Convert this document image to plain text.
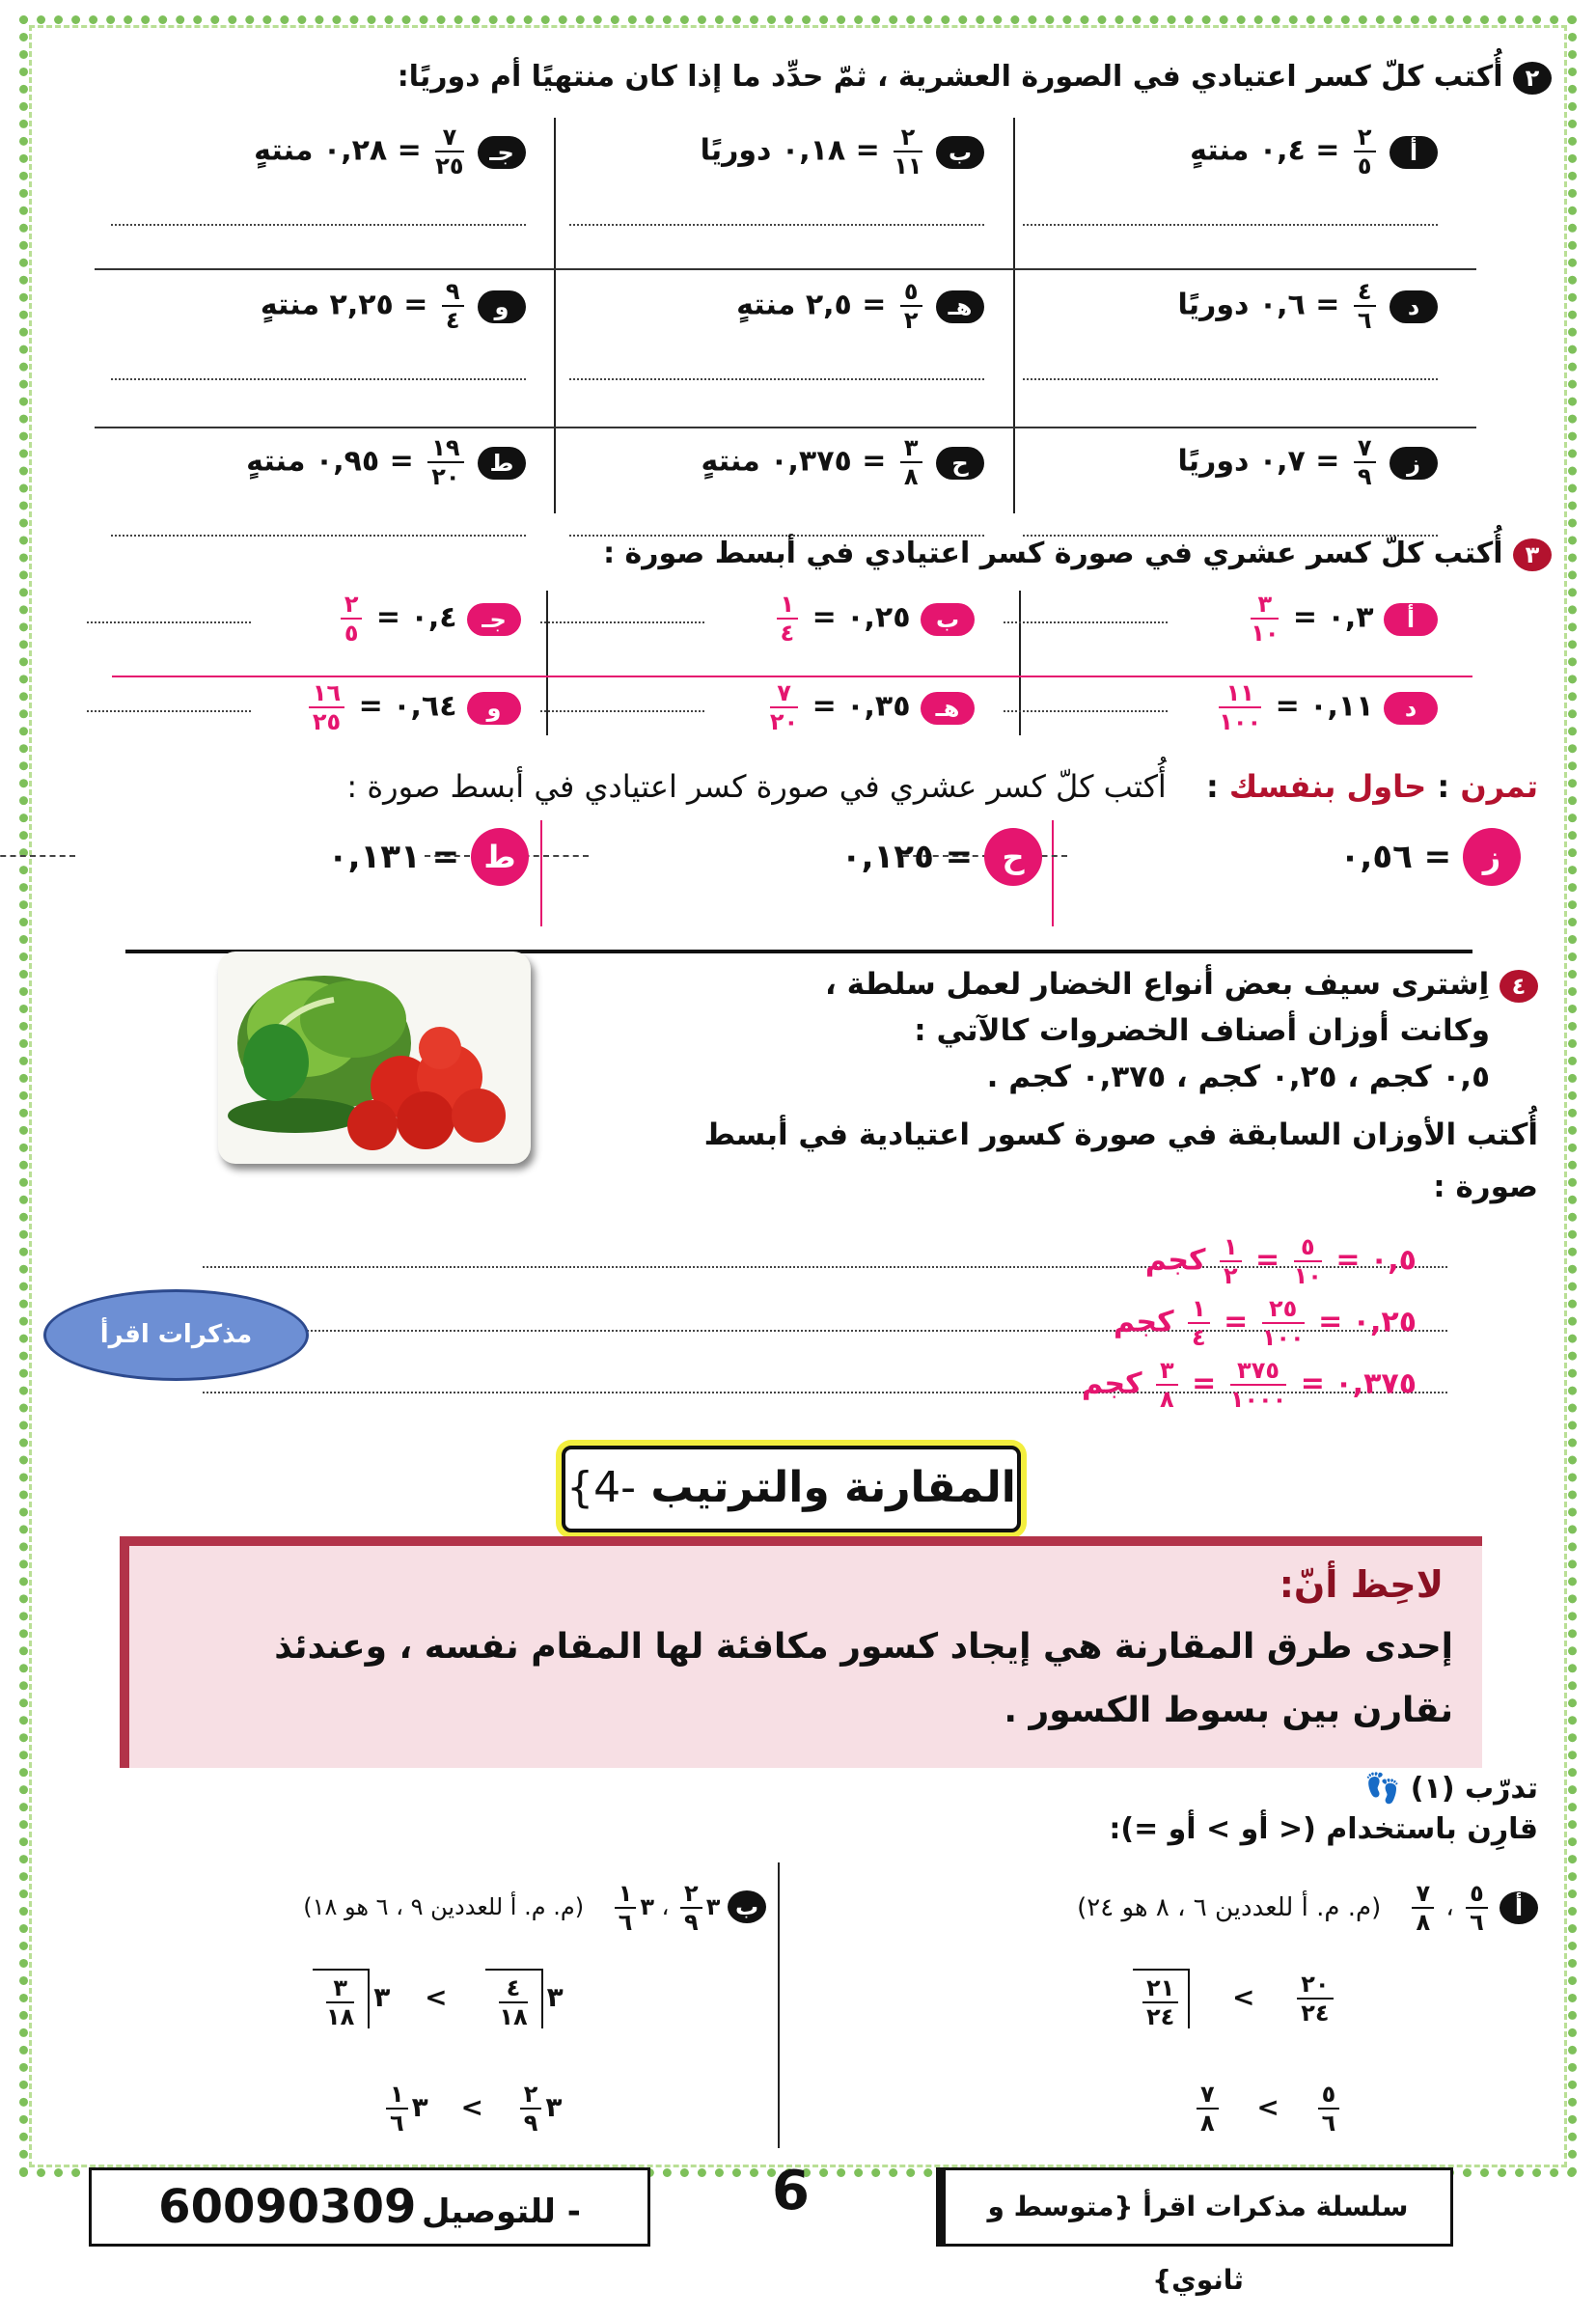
٢ أُكتب كلّ كسر اعتيادي في الصورة العشرية ، ثمّ حدِّد ما إذا كان منتهيًا أم دوريًا:
أ
$\frac{٢}{٥}$
= ٠,٤ منتهٍ
ب
$\frac{٢}{١١}$
= ٠,١٨ دوريًا
جـ
$\frac{٧}{٢٥}$
= ٠,٢٨ منتهٍ
د
$\frac{٤}{٦}$
= ٠,٦ دوريًا
هـ
$\frac{٥}{٢}$
= ٢,٥ منتهٍ
و
$\frac{٩}{٤}$
= ٢,٢٥ منتهٍ
ز
$\frac{٧}{٩}$
= ٠,٧ دوريًا
ح
$\frac{٣}{٨}$
= ٠,٣٧٥ منتهٍ
ط
$\frac{١٩}{٢٠}$
= ٠,٩٥ منتهٍ
٣ أُكتب كلّ كسر عشري في صورة كسر اعتيادي في أبسط صورة :
أ ٠,٣ =
$\frac{٣}{١٠}$
ب ٠,٢٥ =
$\frac{١}{٤}$
جـ ٠,٤ =
$\frac{٢}{٥}$
د ٠,١١ =
$\frac{١١}{١٠٠}$
هـ ٠,٣٥ =
$\frac{٧}{٢٠}$
و ٠,٦٤ =
$\frac{١٦}{٢٥}$
تمرن : حاول بنفسك : أُكتب كلّ كسر عشري في صورة كسر اعتيادي في أبسط صورة :
ز = ٠,٥٦
ح = ٠,١٢٥
ط = ٠,١٣١
٤ اِشترى سيف بعض أنواع الخضار لعمل سلطة ،
وكانت أوزان أصناف الخضروات كالآتي :
٠,٥ كجم ، ٠,٢٥ كجم ، ٠,٣٧٥ كجم .
أُكتب الأوزان السابقة في صورة كسور اعتيادية في أبسط
صورة :
٠,٥ =
$\frac{٥}{١٠}$
=
$\frac{١}{٢}$
كجم
٠,٢٥ =
$\frac{٢٥}{١٠٠}$
=
$\frac{١}{٤}$
كجم
٠,٣٧٥ =
$\frac{٣٧٥}{١٠٠٠}$
=
$\frac{٣}{٨}$
كجم
مذكرات اقرأ
المقارنة والترتيب {4-
لاحِظ أنّ:
إحدى طرق المقارنة هي إيجاد كسور مكافئة لها المقام نفسه ، وعندئذ
نقارن بين بسوط الكسور .
تدرّب (١) 👣
قارِن باستخدام (< أو > أو =):
أ
$\frac{٥}{٦}$
،
$\frac{٧}{٨}$
(م. م. أ للعددين ٦ ، ٨ هو ٢٤)
$\frac{٢٠}{٢٤}$
>
$\frac{٢١}{٢٤}$
$\frac{٥}{٦}$
>
$\frac{٧}{٨}$
ب ٣
$\frac{٢}{٩}$
، ٣
$\frac{١}{٦}$
(م. م. أ للعددين ٩ ، ٦ هو ١٨)
٣
$\frac{٤}{١٨}$
> ٣
$\frac{٣}{١٨}$
٣
$\frac{٢}{٩}$
> ٣
$\frac{١}{٦}$
60090309 للتوصيل -	6	سلسلة مذكرات اقرأ {متوسط و ثانوي}
